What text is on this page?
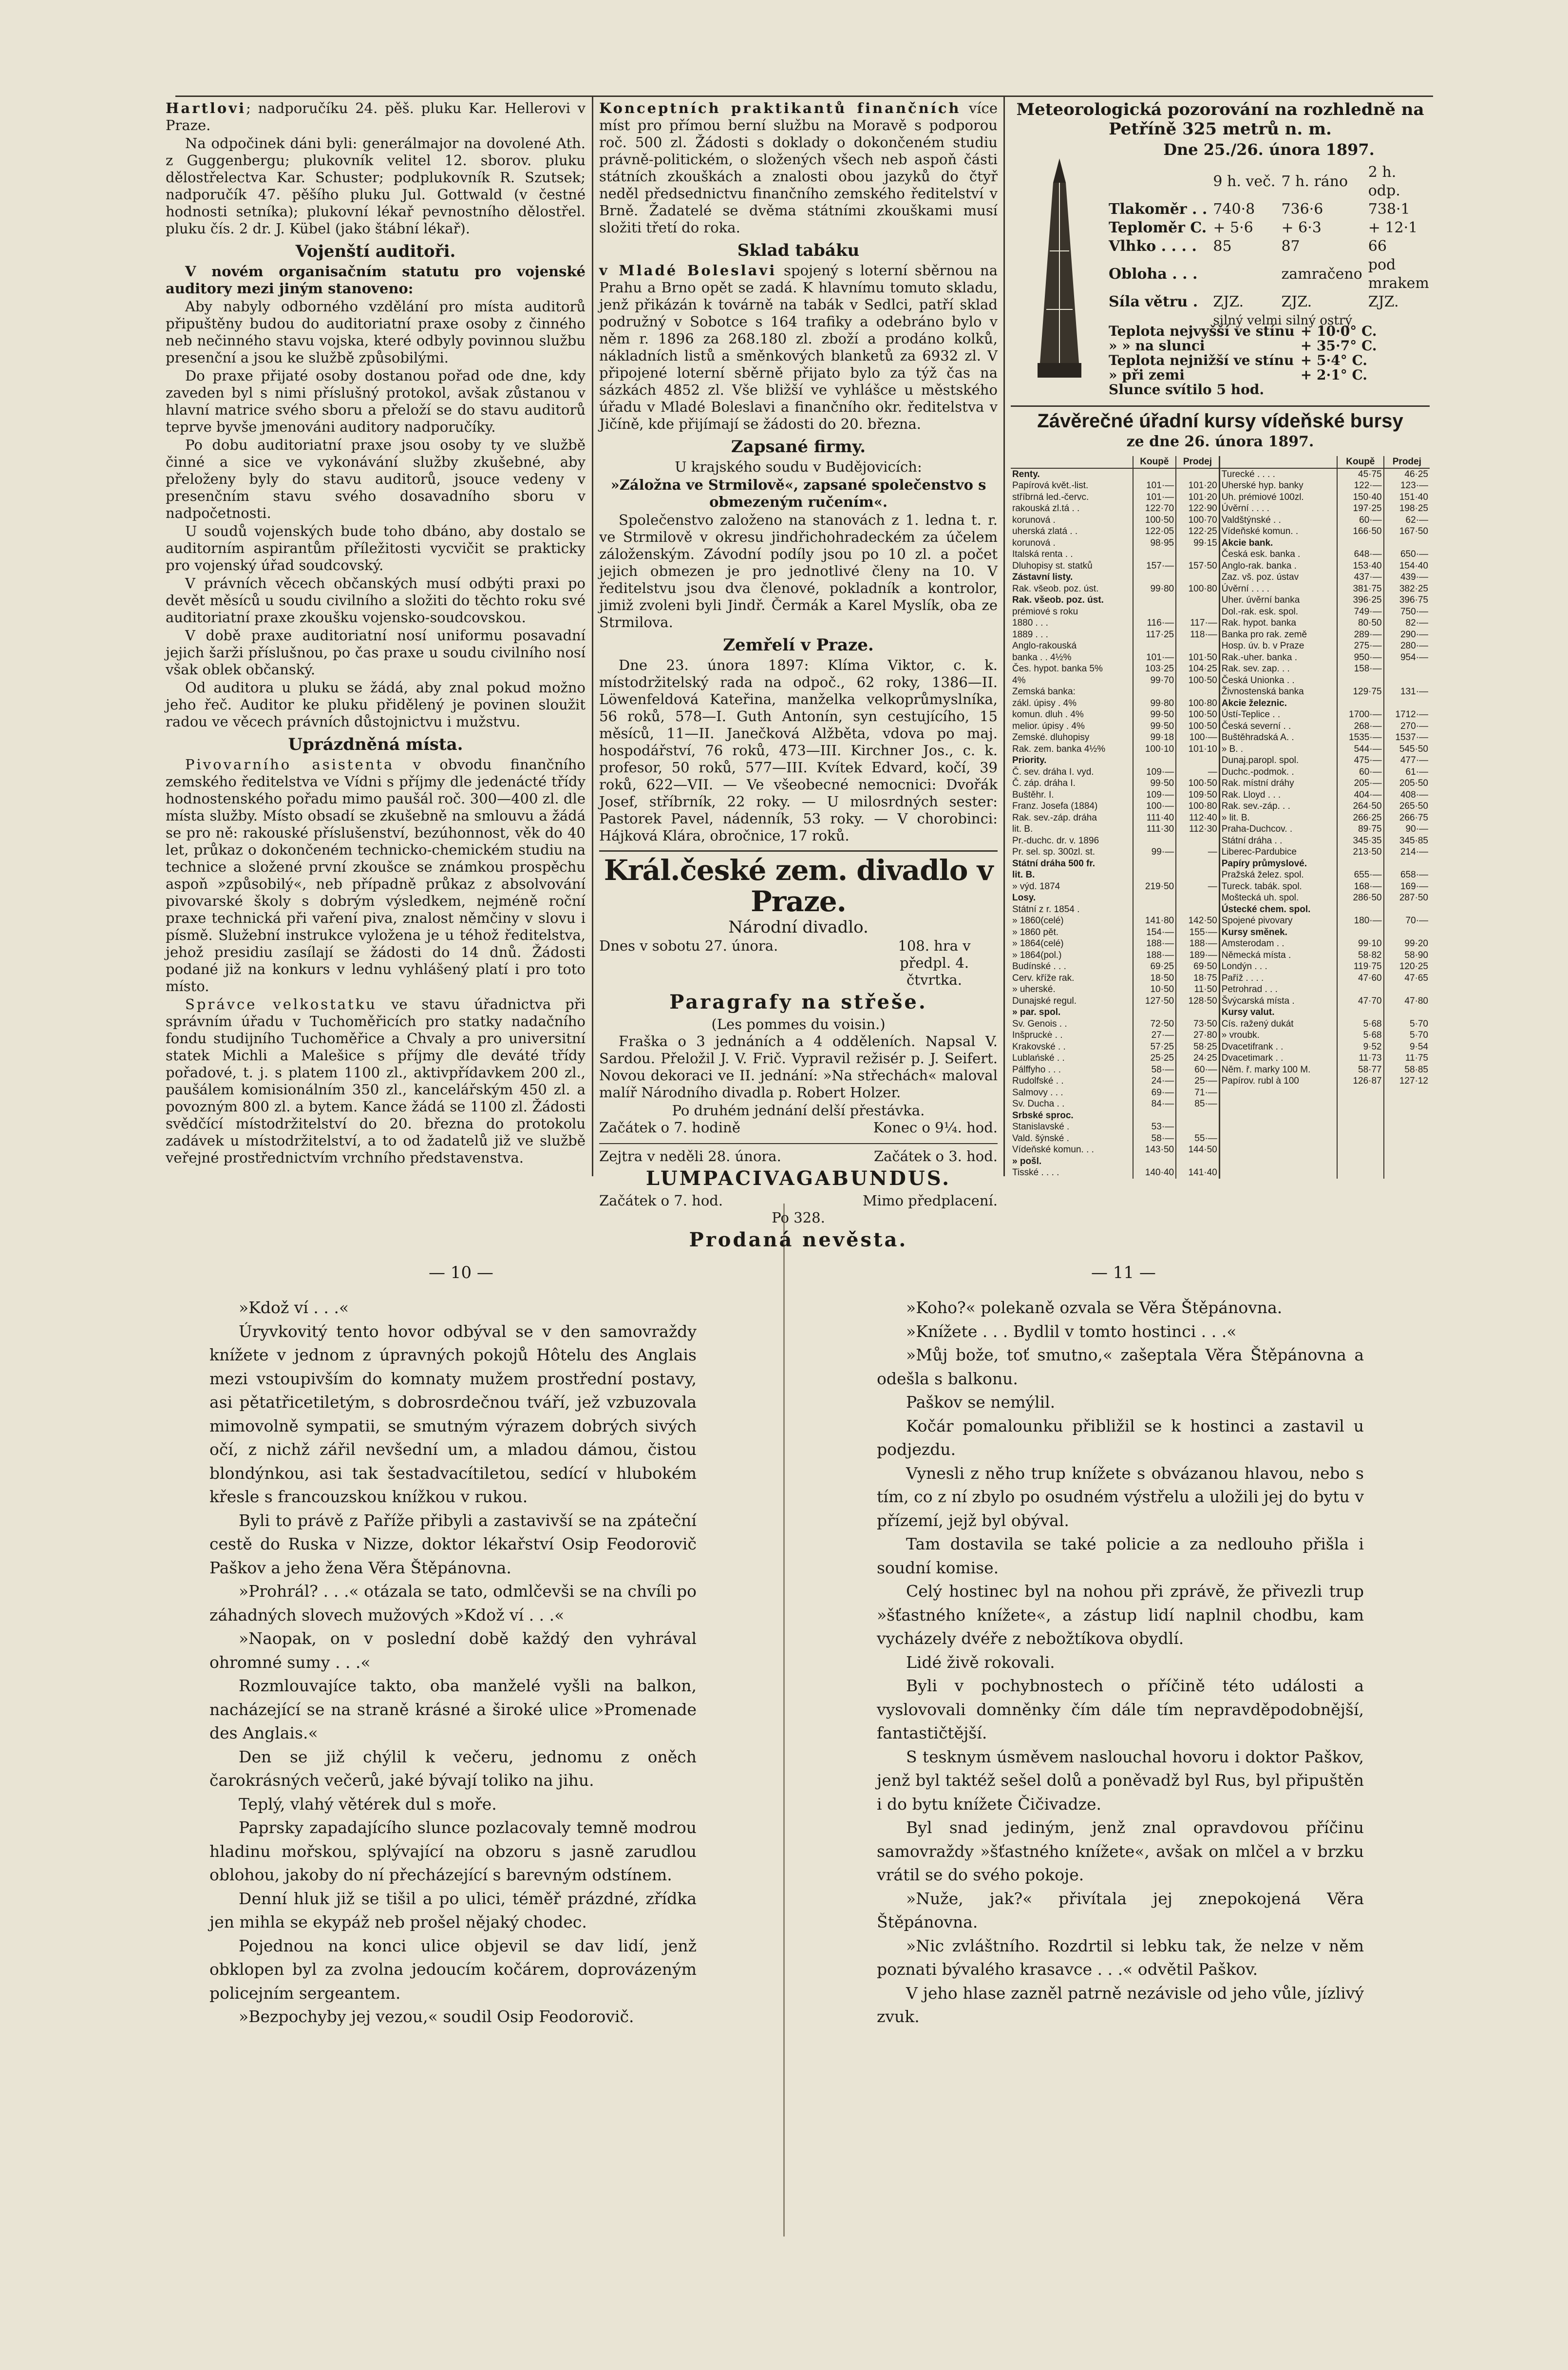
Hartlovi; nadporučíku 24. pěš. pluku Kar. Hellerovi v Praze.

Na odpočinek dáni byli: generálmajor na dovolené Ath. z Guggenbergu; plukovník velitel 12. sborov. pluku dělostřelectva Kar. Schuster; podplukovník R. Szutsek; nadporučík 47. pěšího pluku Jul. Gottwald (v čestné hodnosti setníka); plukovní lékař pevnostního dělostřel. pluku čís. 2 dr. J. Kübel (jako štábní lékař).

Vojenští auditoři.

V novém organisačním statutu pro vojenské auditory mezi jiným stanoveno:

Aby nabyly odborného vzdělání pro místa auditorů připuštěny budou do auditoriatní praxe osoby z činného neb nečinného stavu vojska, které odbyly povinnou službu presenční a jsou ke službě způsobilými.

Do praxe přijaté osoby dostanou pořad ode dne, kdy zaveden byl s nimi příslušný protokol, avšak zůstanou v hlavní matrice svého sboru a přeloží se do stavu auditorů teprve byvše jmenováni auditory nadporučíky.

Po dobu auditoriatní praxe jsou osoby ty ve službě činné a sice ve vykonávání služby zkušebné, aby přeloženy byly do stavu auditorů, jsouce vedeny v presenčním stavu svého dosavadního sboru v nadpočetnosti.

U soudů vojenských bude toho dbáno, aby dostalo se auditorním aspirantům příležitosti vycvičit se prakticky pro vojenský úřad soudcovský.

V právních věcech občanských musí odbýti praxi po devět měsíců u soudu civilního a složiti do těchto roku své auditoriatní praxe zkoušku vojensko-soudcovskou.

V době praxe auditoriatní nosí uniformu posavadní jejich šarži příslušnou, po čas praxe u soudu civilního nosí však oblek občanský.

Od auditora u pluku se žádá, aby znal pokud možno jeho řeč. Auditor ke pluku přidělený je povinen sloužit radou ve věcech právních důstojnictvu i mužstvu.

Uprázdněná místa.

Pivovarního asistenta v obvodu finančního zemského ředitelstva ve Vídni s příjmy dle jedenácté třídy hodnostenského pořadu mimo paušál roč. 300—400 zl. dle místa služby. Místo obsadí se zkušebně na smlouvu a žádá se pro ně: rakouské příslušenství, bezúhonnost, věk do 40 let, průkaz o dokončeném technicko-chemickém studiu na technice a složené první zkoušce se známkou prospěchu aspoň »způsobilý«, neb případně průkaz z absolvování pivovarské školy s dobrým výsledkem, nejméně roční praxe technická při vaření piva, znalost němčiny v slovu i písmě. Služební instrukce vyložena je u téhož ředitelstva, jehož presidiu zasílají se žádosti do 14 dnů. Žádosti podané již na konkurs v lednu vyhlášený platí i pro toto místo.

Správce velkostatku ve stavu úřadnictva při správním úřadu v Tuchoměřicích pro statky nadačního fondu studijního Tuchoměřice a Chvaly a pro universitní statek Michli a Malešice s příjmy dle deváté třídy pořadové, t. j. s platem 1100 zl., aktivpřídavkem 200 zl., paušálem komisionálním 350 zl., kancelářským 450 zl. a povozným 800 zl. a bytem. Kance žádá se 1100 zl. Žádosti svědčící místodržitelství do 20. března do protokolu zadávek u místodržitelství, a to od žadatelů již ve službě veřejné prostřednictvím vrchního představenstva.

Konceptních praktikantů finančních více míst pro přímou berní službu na Moravě s podporou roč. 500 zl. Žádosti s doklady o dokončeném studiu právně-politickém, o složených všech neb aspoň části státních zkouškách a znalosti obou jazyků do čtyř neděl předsednictvu finančního zemského ředitelství v Brně. Žadatelé se dvěma státními zkouškami musí složiti třetí do roka.

Sklad tabáku

v Mladé Boleslavi spojený s loterní sběrnou na Prahu a Brno opět se zadá. K hlavnímu tomuto skladu, jenž přikázán k továrně na tabák v Sedlci, patří sklad podružný v Sobotce s 164 trafiky a odebráno bylo v něm r. 1896 za 268.180 zl. zboží a prodáno kolků, nákladních listů a směnkových blanketů za 6932 zl. V připojené loterní sběrně přijato bylo za týž čas na sázkách 4852 zl. Vše bližší ve vyhlášce u městského úřadu v Mladé Boleslavi a finančního okr. ředitelstva v Jičíně, kde přijímají se žádosti do 20. března.

Zapsané firmy.

U krajského soudu v Budějovicích:

»Záložna ve Strmilově«, zapsané společenstvo s obmezeným ručením«.

Společenstvo založeno na stanovách z 1. ledna t. r. ve Strmilově v okresu jindřichohradeckém za účelem záloženským. Závodní podíly jsou po 10 zl. a počet jejich obmezen je pro jednotlivé členy na 10. V ředitelstvu jsou dva členové, pokladník a kontrolor, jimiž zvoleni byli Jindř. Čermák a Karel Myslík, oba ze Strmilova.

Zemřelí v Praze.

Dne 23. února 1897: Klíma Viktor, c. k. místodržitelský rada na odpoč., 62 roky, 1386—II. Löwenfeldová Kateřina, manželka velkoprůmyslníka, 56 roků, 578—I. Guth Antonín, syn cestujícího, 15 měsíců, 11—II. Janečková Alžběta, vdova po maj. hospodářství, 76 roků, 473—III. Kirchner Jos., c. k. profesor, 50 roků, 577—III. Kvítek Edvard, kočí, 39 roků, 622—VII. — Ve všeobecné nemocnici: Dvořák Josef, stříbrník, 22 roky. — U milosrdných sester: Pastorek Pavel, nádenník, 53 roky. — V chorobinci: Hájková Klára, obročnice, 17 roků.

Král.české zem. divadlo v Praze.
Národní divadlo.
Dnes v sobotu 27. února.	108. hra v předpl. 4. čtvrtka.
Paragrafy na střeše.
(Les pommes du voisin.)

Fraška o 3 jednáních a 4 odděleních. Napsal V. Sardou. Přeložil J. V. Frič. Vypravil režisér p. J. Seifert. Novou dekoraci ve II. jednání: »Na střechách« maloval malíř Národního divadla p. Robert Holzer.

Po druhém jednání delší přestávka.
Začátek o 7. hodině	Konec o 9¼. hod.
Zejtra v neděli 28. února.	Začátek o 3. hod.
LUMPACIVAGABUNDUS.
Začátek o 7. hod.	Mimo předplacení.
Po 328.
Prodaná nevěsta.
Meteorologická pozorování na rozhledně na Petříně 325 metrů n. m.
Dne 25./26. února 1897.
	9 h. več.	7 h. ráno	2 h. odp.
Tlakoměr . .	740·8	736·6	738·1
Teploměr C.	+ 5·6	+ 6·3	+ 12·1
Vlhko . . . .	85	87	66
Obloha . . .		zamračeno	pod mrakem
Síla větru .	ZJZ.	ZJZ.	ZJZ.
	silný velmi silný ostrý		
Teplota nejvyšší ve stínu	+ 10·0° C.
» » na slunci	+ 35·7° C.
Teplota nejnižší ve stínu	+ 5·4° C.
» při zemi	+ 2·1° C.
Slunce svítilo 5 hod.	
Závěrečné úřadní kursy vídeňské bursy
ze dne 26. února 1897.
	Koupě	Prodej		Koupě	Prodej
Renty.			Turecké . . . .	45·75	46·25
Papírová květ.-list.	101·—	101·20	Uherské hyp. banky	122·—	123·—
stříbrná led.-červc.	101·—	101·20	Uh. prémiové 100zl.	150·40	151·40
rakouská zl.tá . .	122·70	122·90	Úvěrní . . . .	197·25	198·25
korunová .	100·50	100·70	Valdštýnské . .	60·—	62·—
uherská zlatá . .	122·05	122·25	Vídeňské komun. .	166·50	167·50
korunová .	98·95	99·15	Akcie bank.		
Italská renta . .			Česká esk. banka .	648·—	650·—
Dluhopisy st. statků	157·—	157·50	Anglo-rak. banka .	153·40	154·40
Zástavní listy.			Zaz. vš. poz. ústav	437·—	439·—
Rak. všeob. poz. úst.	99·80	100·80	Úvěrní . . . .	381·75	382·25
Rak. všeob. poz. úst.			Uher. úvěrní banka	396·25	396·75
prémiové s roku			Dol.-rak. esk. spol.	749·—	750·—
1880 . . .	116·—	117·—	Rak. hypot. banka	80·50	82·—
1889 . . .	117·25	118·—	Banka pro rak. země	289·—	290·—
Anglo-rakouská			Hosp. úv. b. v Praze	275·—	280·—
banka . . 4½%	101·—	101·50	Rak.-uher. banka .	950·—	954·—
Čes. hypot. banka 5%	103·25	104·25	Rak. sev. zap. . .	158·—	
4%	99·70	100·50	Česká Unionka . .		
Zemská banka:			Živnostenská banka	129·75	131·—
zákl. úpisy . 4%	99·80	100·80	Akcie železnic.		
komun. dluh . 4%	99·50	100·50	Ústí-Teplice . .	1700·—	1712·—
melior. úpisy . 4%	99·50	100·50	Česká severní . .	268·—	270·—
Zemské. dluhopisy	99·18	100·—	Buštěhradská A. .	1535·—	1537·—
Rak. zem. banka 4½%	100·10	101·10	» B. .	544·—	545·50
Priority.			Dunaj.paropl. spol.	475·—	477·—
Č. sev. dráha I. vyd.	109·—	—	Duchc.-podmok. .	60·—	61·—
Č. záp. dráha I.	99·50	100·50	Rak. místní dráhy	205·—	205·50
Buštěhr. I.	109·—	109·50	Rak. Lloyd . . .	404·—	408·—
Franz. Josefa (1884)	100·—	100·80	Rak. sev.-záp. . .	264·50	265·50
Rak. sev.-záp. dráha	111·40	112·40	» lit. B.	266·25	266·75
lit. B.	111·30	112·30	Praha-Duchcov. .	89·75	90·—
Pr.-duchc. dr. v. 1896			Státní dráha . .	345·35	345·85
Pr. sel. sp. 300zl. st.	99·—	—	Liberec-Pardubice	213·50	214·—
Státní dráha 500 fr.			Papíry průmyslové.		
lit. B.			Pražská želez. spol.	655·—	658·—
» výd. 1874	219·50	—	Tureck. tabák. spol.	168·—	169·—
Losy.			Moštecká uh. spol.	286·50	287·50
Státní z r. 1854 .			Ústecké chem. spol.		
» 1860(celé)	141·80	142·50	Spojené pivovary	180·—	70·—
» 1860 pět.	154·—	155·—	Kursy směnek.		
» 1864(celé)	188·—	188·—	Amsterodam . .	99·10	99·20
» 1864(pol.)	188·—	189·—	Německá místa .	58·82	58·90
Budínské . . .	69·25	69·50	Londýn . . .	119·75	120·25
Cerv. kříže rak.	18·50	18·75	Paříž . . . .	47·60	47·65
» uherské.	10·50	11·50	Petrohrad . . .		
Dunajské regul.	127·50	128·50	Švýcarská místa .	47·70	47·80
» par. spol.			Kursy valut.		
Sv. Genois . .	72·50	73·50	Cís. ražený dukát	5·68	5·70
Inšpruckė . .	27·—	27·80	» vroubk.	5·68	5·70
Krakovské . .	57·25	58·25	Dvacetifrank . .	9·52	9·54
Lublańské . .	25·25	24·25	Dvacetimark . .	11·73	11·75
Pálffyho . . .	58·—	60·—	Něm. ř. marky 100 M.	58·77	58·85
Rudolfské . .	24·—	25·—	Papírov. rubl à 100	126·87	127·12
Salmovy . . .	69·—	71·—			
Sv. Ducha . .	84·—	85·—			
Srbské sproc.					
Stanislavské .	53·—				
Vald. šýnské .	58·—	55·—			
Vídeňské komun. . .	143·50	144·50			
» pošl.					
Tisské . . . .	140·40	141·40			
— 10 —

»Kdož ví . . .«

Úryvkovitý tento hovor odbýval se v den samovraždy knížete v jednom z úpravných pokojů Hôtelu des Anglais mezi vstoupivším do komnaty mužem prostřední postavy, asi pětatřicetiletým, s dobrosrdečnou tváří, jež vzbuzovala mimovolně sympatii, se smutným výrazem dobrých sivých očí, z nichž zářil nevšední um, a mladou dámou, čistou blondýnkou, asi tak šestadvacítiletou, sedící v hlubokém křesle s francouzskou knížkou v rukou.

Byli to právě z Paříže přibyli a zastavivší se na zpáteční cestě do Ruska v Nizze, doktor lékařství Osip Feodorovič Paškov a jeho žena Věra Štěpánovna.

»Prohrál? . . .« otázala se tato, odmlčevši se na chvíli po záhadných slovech mužových »Kdož ví . . .«

»Naopak, on v poslední době každý den vyhrával ohromné sumy . . .«

Rozmlouvajíce takto, oba manželé vyšli na balkon, nacházející se na straně krásné a široké ulice »Promenade des Anglais.«

Den se již chýlil k večeru, jednomu z oněch čarokrásných večerů, jaké bývají toliko na jihu.

Teplý, vlahý větérek dul s moře.

Paprsky zapadajícího slunce pozlacovaly temně modrou hladinu mořskou, splývající na obzoru s jasně zarudlou oblohou, jakoby do ní přecházející s barevným odstínem.

Denní hluk již se tišil a po ulici, téměř prázdné, zřídka jen mihla se ekypáž neb prošel nějaký chodec.

Pojednou na konci ulice objevil se dav lidí, jenž obklopen byl za zvolna jedoucím kočárem, doprovázeným policejním sergeantem.

»Bezpochyby jej vezou,« soudil Osip Feodorovič.

— 11 —

»Koho?« polekaně ozvala se Věra Štěpánovna.

»Knížete . . . Bydlil v tomto hostinci . . .«

»Můj bože, toť smutno,« zašeptala Věra Štěpánovna a odešla s balkonu.

Paškov se nemýlil.

Kočár pomalounku přibližil se k hostinci a zastavil u podjezdu.

Vynesli z něho trup knížete s obvázanou hlavou, nebo s tím, co z ní zbylo po osudném výstřelu a uložili jej do bytu v přízemí, jejž byl obýval.

Tam dostavila se také policie a za nedlouho přišla i soudní komise.

Celý hostinec byl na nohou při zprávě, že přivezli trup »šťastného knížete«, a zástup lidí naplnil chodbu, kam vycházely dvéře z nebožtíkova obydlí.

Lidé živě rokovali.

Byli v pochybnostech o příčině této události a vyslovovali domněnky čím dále tím nepravděpodobnější, fantastičtější.

S tesknym úsměvem naslouchal hovoru i doktor Paškov, jenž byl taktéž sešel dolů a poněvadž byl Rus, byl připuštěn i do bytu knížete Čičivadze.

Byl snad jediným, jenž znal opravdovou příčinu samovraždy »šťastného knížete«, avšak on mlčel a v brzku vrátil se do svého pokoje.

»Nuže, jak?« přivítala jej znepokojená Věra Štěpánovna.

»Nic zvláštního. Rozdrtil si lebku tak, že nelze v něm poznati bývalého krasavce . . .« odvětil Paškov.

V jeho hlase zazněl patrně nezávisle od jeho vůle, jízlivý zvuk.
